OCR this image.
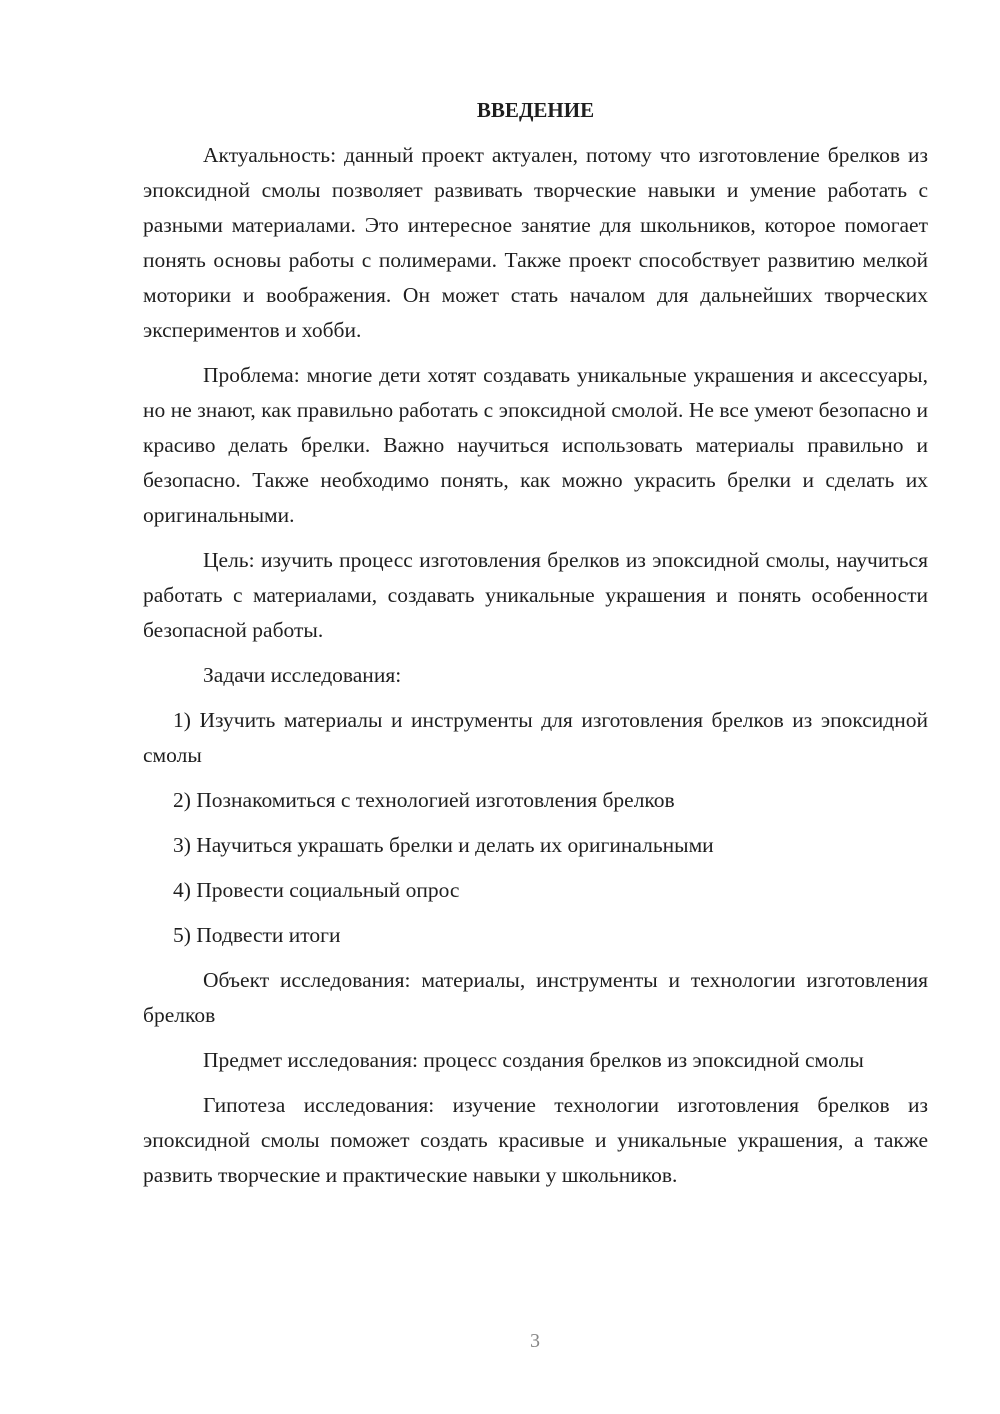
ВВЕДЕНИЕ

Актуальность: данный проект актуален, потому что изготовление брелков из эпоксидной смолы позволяет развивать творческие навыки и умение работать с разными материалами. Это интересное занятие для школьников, которое помогает понять основы работы с полимерами. Также проект способствует развитию мелкой моторики и воображения. Он может стать началом для дальнейших творческих экспериментов и хобби.

Проблема: многие дети хотят создавать уникальные украшения и аксессуары, но не знают, как правильно работать с эпоксидной смолой. Не все умеют безопасно и красиво делать брелки. Важно научиться использовать материалы правильно и безопасно. Также необходимо понять, как можно украсить брелки и сделать их оригинальными.

Цель: изучить процесс изготовления брелков из эпоксидной смолы, научиться работать с материалами, создавать уникальные украшения и понять особенности безопасной работы.

Задачи исследования:

1) Изучить материалы и инструменты для изготовления брелков из эпоксидной смолы

2) Познакомиться с технологией изготовления брелков

3) Научиться украшать брелки и делать их оригинальными

4) Провести социальный опрос

5) Подвести итоги

Объект исследования: материалы, инструменты и технологии изготовления брелков

Предмет исследования: процесс создания брелков из эпоксидной смолы

Гипотеза исследования: изучение технологии изготовления брелков из эпоксидной смолы поможет создать красивые и уникальные украшения, а также развить творческие и практические навыки у школьников.

3
